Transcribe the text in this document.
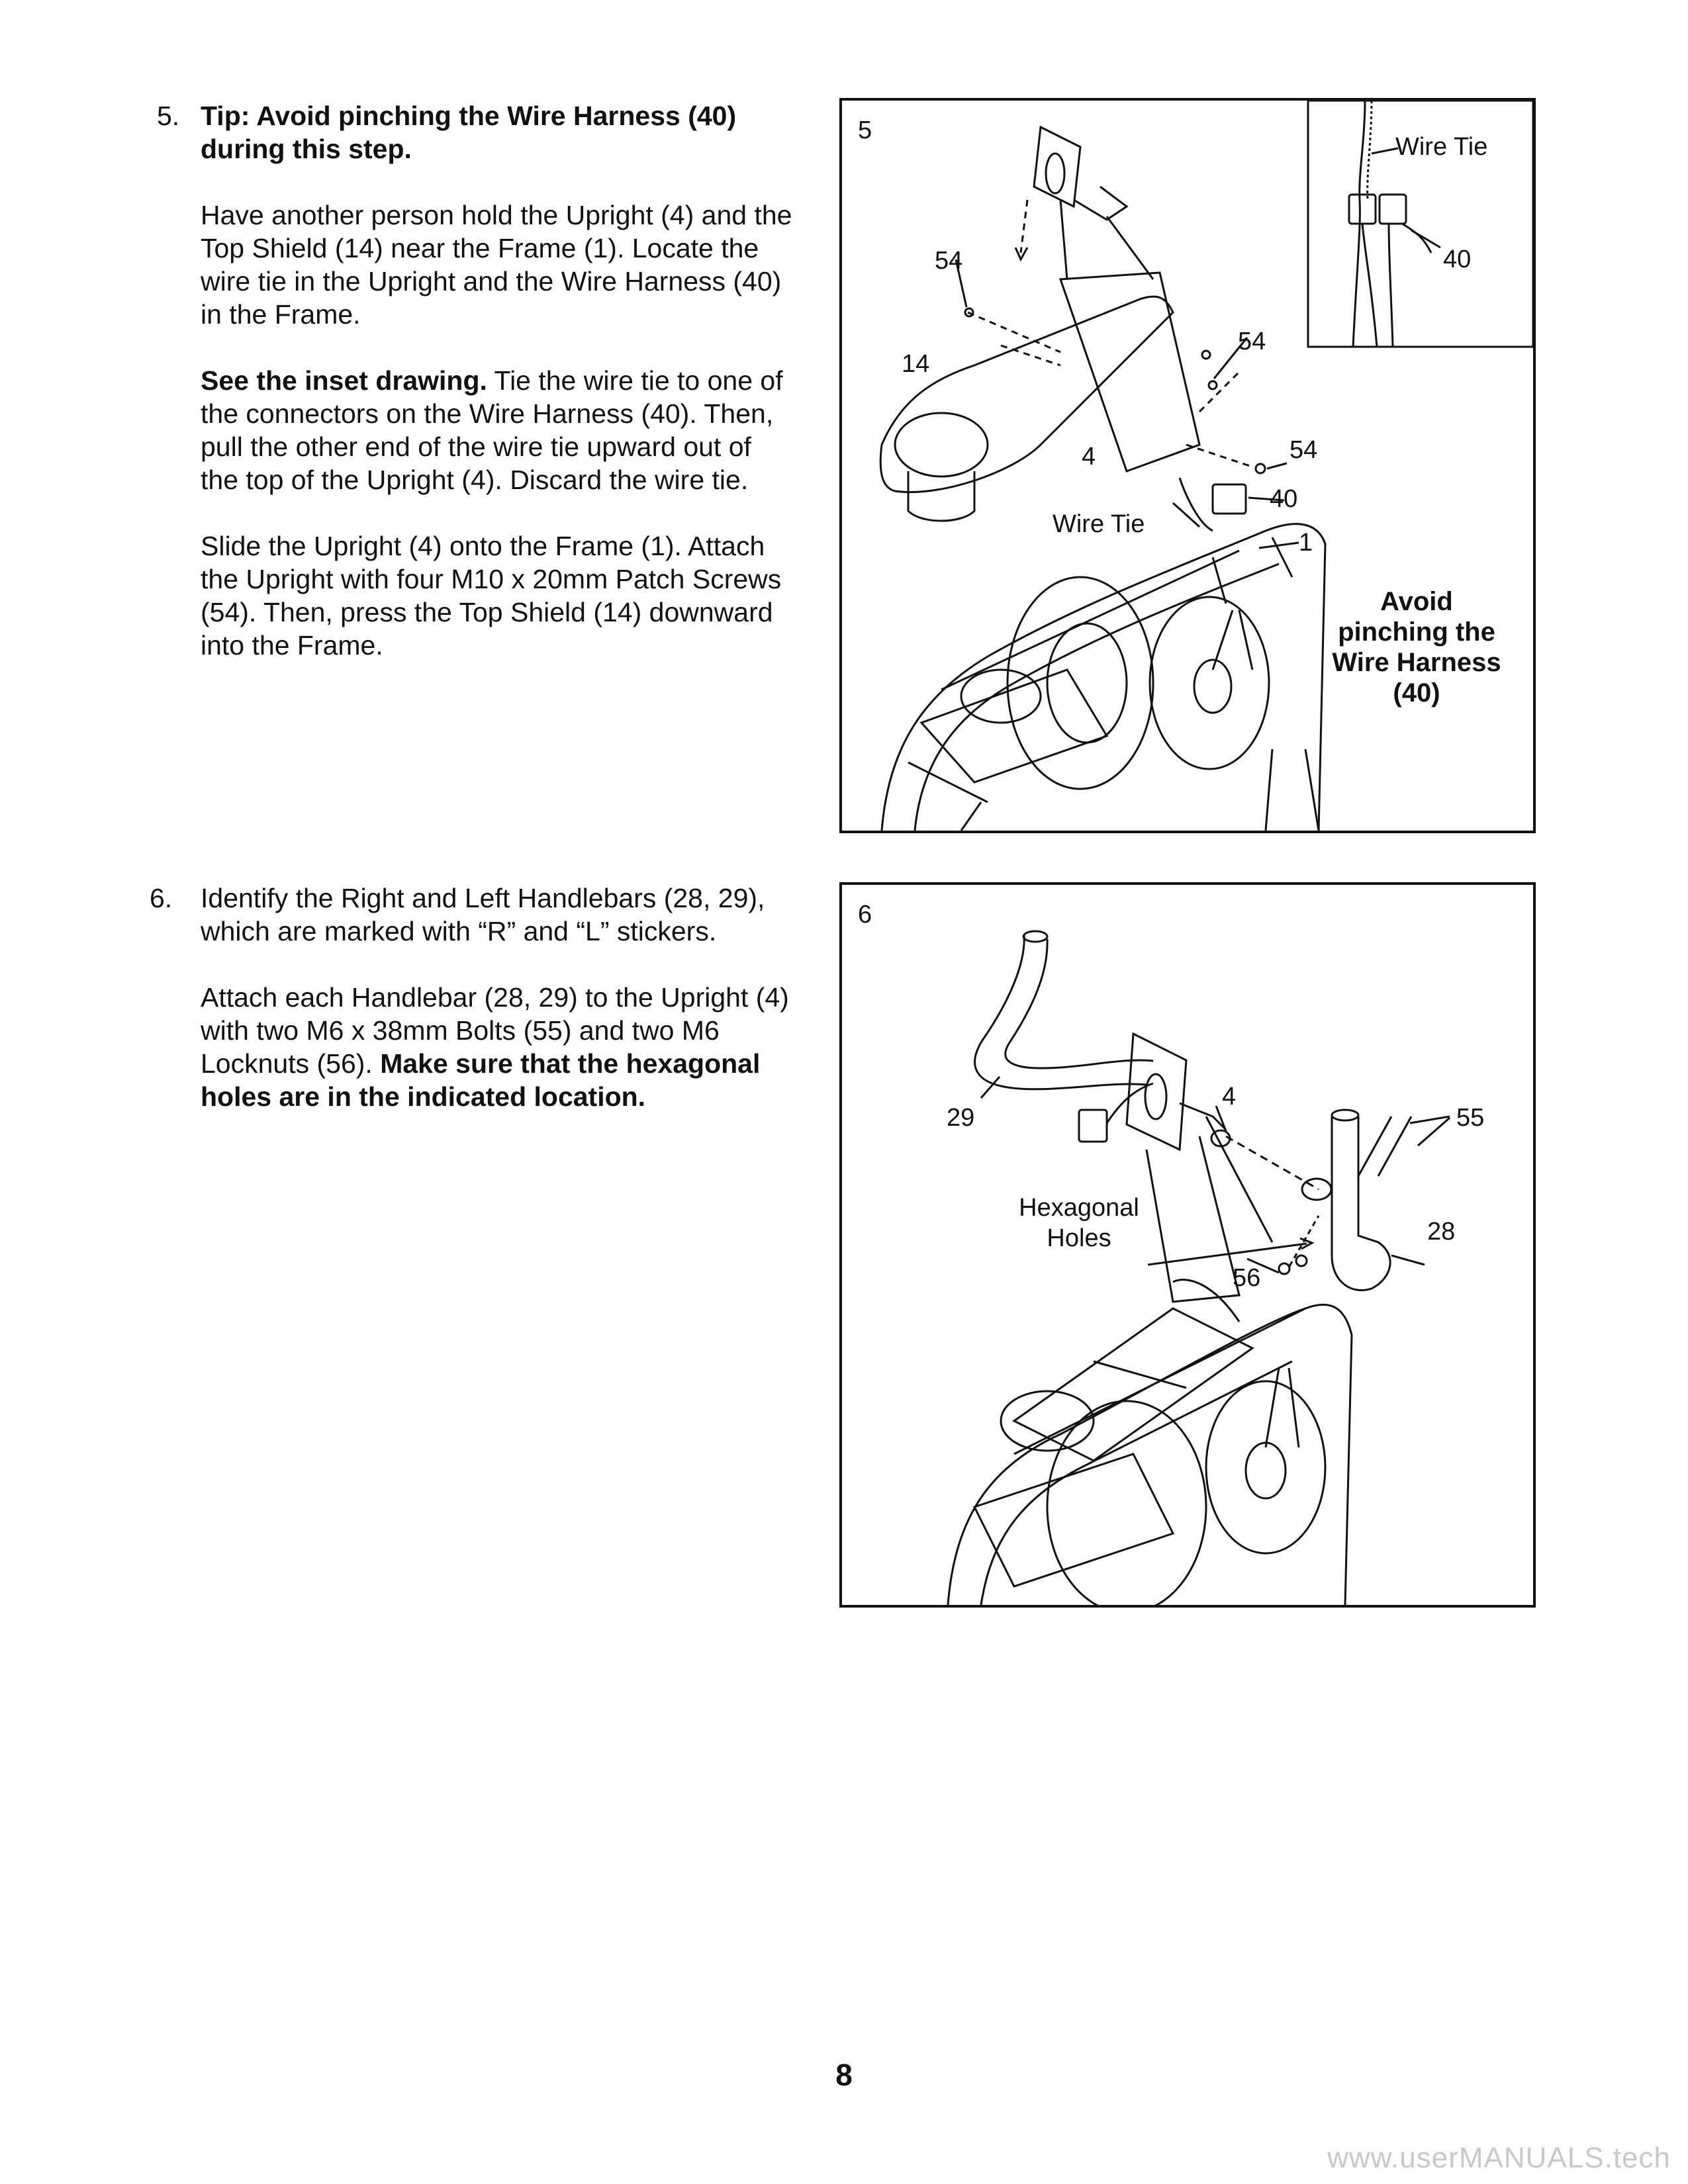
5. Tip: Avoid pinching the Wire Harness (40) during this step.

Have another person hold the Upright (4) and the Top Shield (14) near the Frame (1). Locate the wire tie in the Upright and the Wire Harness (40) in the Frame.

See the inset drawing. Tie the wire tie to one of the connectors on the Wire Harness (40). Then, pull the other end of the wire tie upward out of the top of the Upright (4). Discard the wire tie.

Slide the Upright (4) onto the Frame (1). Attach the Upright with four M10 x 20mm Patch Screws (54). Then, press the Top Shield (14) downward into the Frame.

6. Identify the Right and Left Handlebars (28, 29), which are marked with “R” and “L” stickers.

Attach each Handlebar (28, 29) to the Upright (4) with two M6 x 38mm Bolts (55) and two M6 Locknuts (56). Make sure that the hexagonal holes are in the indicated location.

5
Wire Tie
40
54
54
54
14
4
Wire Tie
40
1
Avoid
pinching the
Wire Harness
(40)
6
29
4
55
Hexagonal
Holes
56
28
8
www.userMANUALS.tech
